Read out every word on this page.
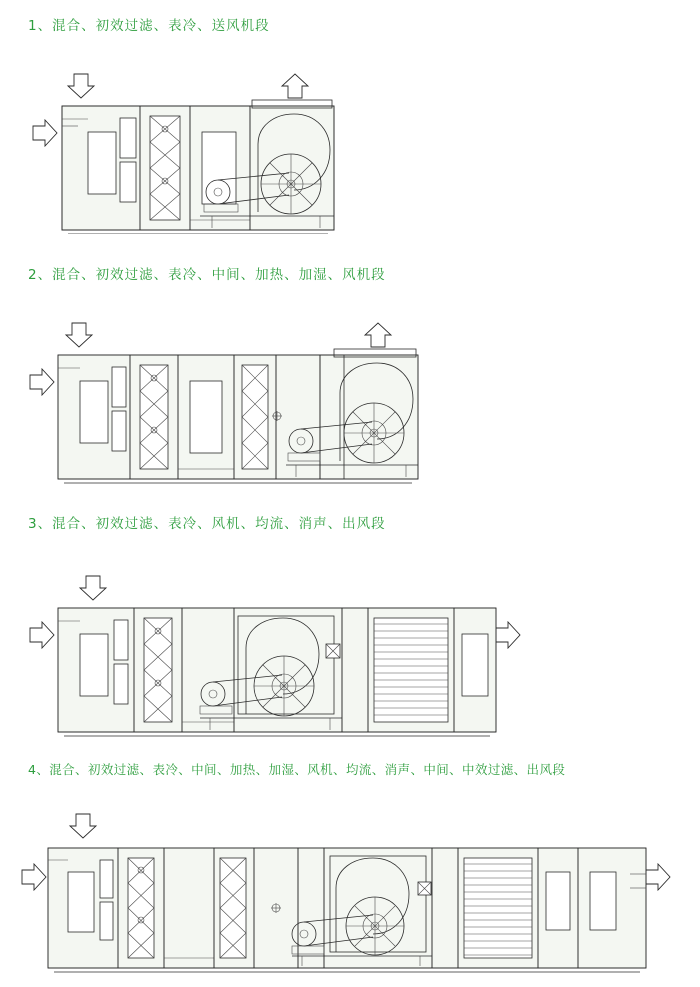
1、混合、初效过滤、表冷、送风机段
2、混合、初效过滤、表冷、中间、加热、加湿、风机段
3、混合、初效过滤、表冷、风机、均流、消声、出风段
4、混合、初效过滤、表冷、中间、加热、加湿、风机、均流、消声、中间、中效过滤、出风段
